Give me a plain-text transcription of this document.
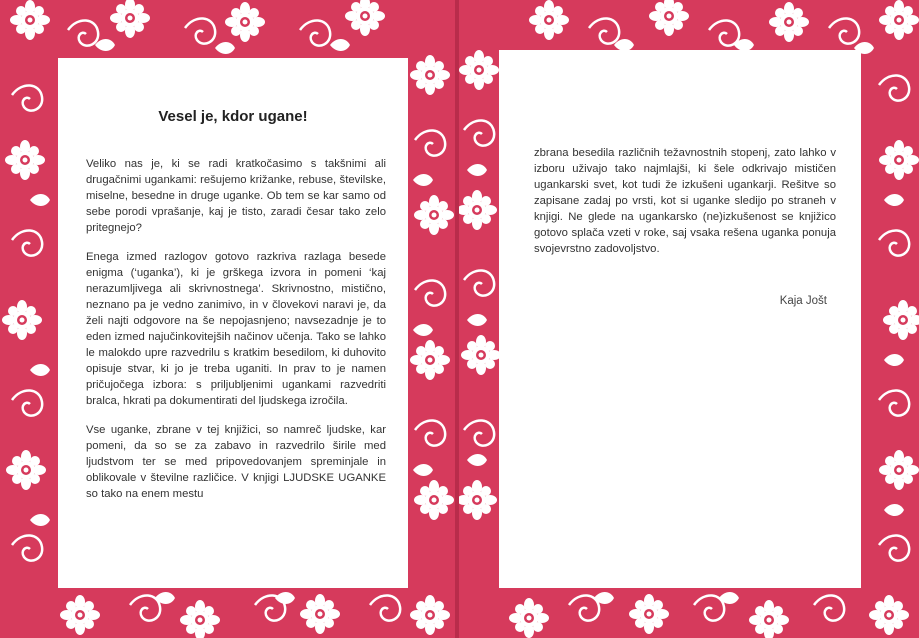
Vesel je, kdor ugane!

Veliko nas je, ki se radi kratkočasimo s takšnimi ali drugačnimi ugankami: rešujemo križanke, rebuse, številske, miselne, besedne in druge uganke. Ob tem se kar samo od sebe porodi vprašanje, kaj je tisto, zaradi česar tako zelo pritegnejo?

Enega izmed razlogov gotovo razkriva razlaga besede enigma (‘uganka’), ki je grškega izvora in pomeni ‘kaj nerazumljivega ali skrivnostnega’. Skrivnostno, mistično, neznano pa je vedno zanimivo, in v človekovi naravi je, da želi najti odgovore na še nepojasnjeno; navsezadnje je to eden izmed najučinkovitejših načinov učenja. Tako se lahko le malokdo upre razvedrilu s kratkim besedilom, ki duhovito opisuje stvar, ki jo je treba uganiti. In prav to je namen pričujočega izbora: s priljubljenimi ugankami razvedriti bralca, hkrati pa dokumentirati del ljudskega izročila.

Vse uganke, zbrane v tej knjižici, so namreč ljudske, kar pomeni, da so se za zabavo in razvedrilo širile med ljudstvom ter se med pripovedovanjem spreminjale in oblikovale v številne različice. V knjigi LJUDSKE UGANKE so tako na enem mestu

zbrana besedila različnih težavnostnih stopenj, zato lahko v izboru uživajo tako najmlajši, ki šele odkrivajo mističen ugankarski svet, kot tudi že izkušeni ugankarji. Rešitve so zapisane zadaj po vrsti, kot si uganke sledijo po straneh v knjigi. Ne glede na ugankarsko (ne)izkušenost se knjižico gotovo splača vzeti v roke, saj vsaka rešena uganka ponuja svojevrstno zadovoljstvo.

Kaja Jošt
